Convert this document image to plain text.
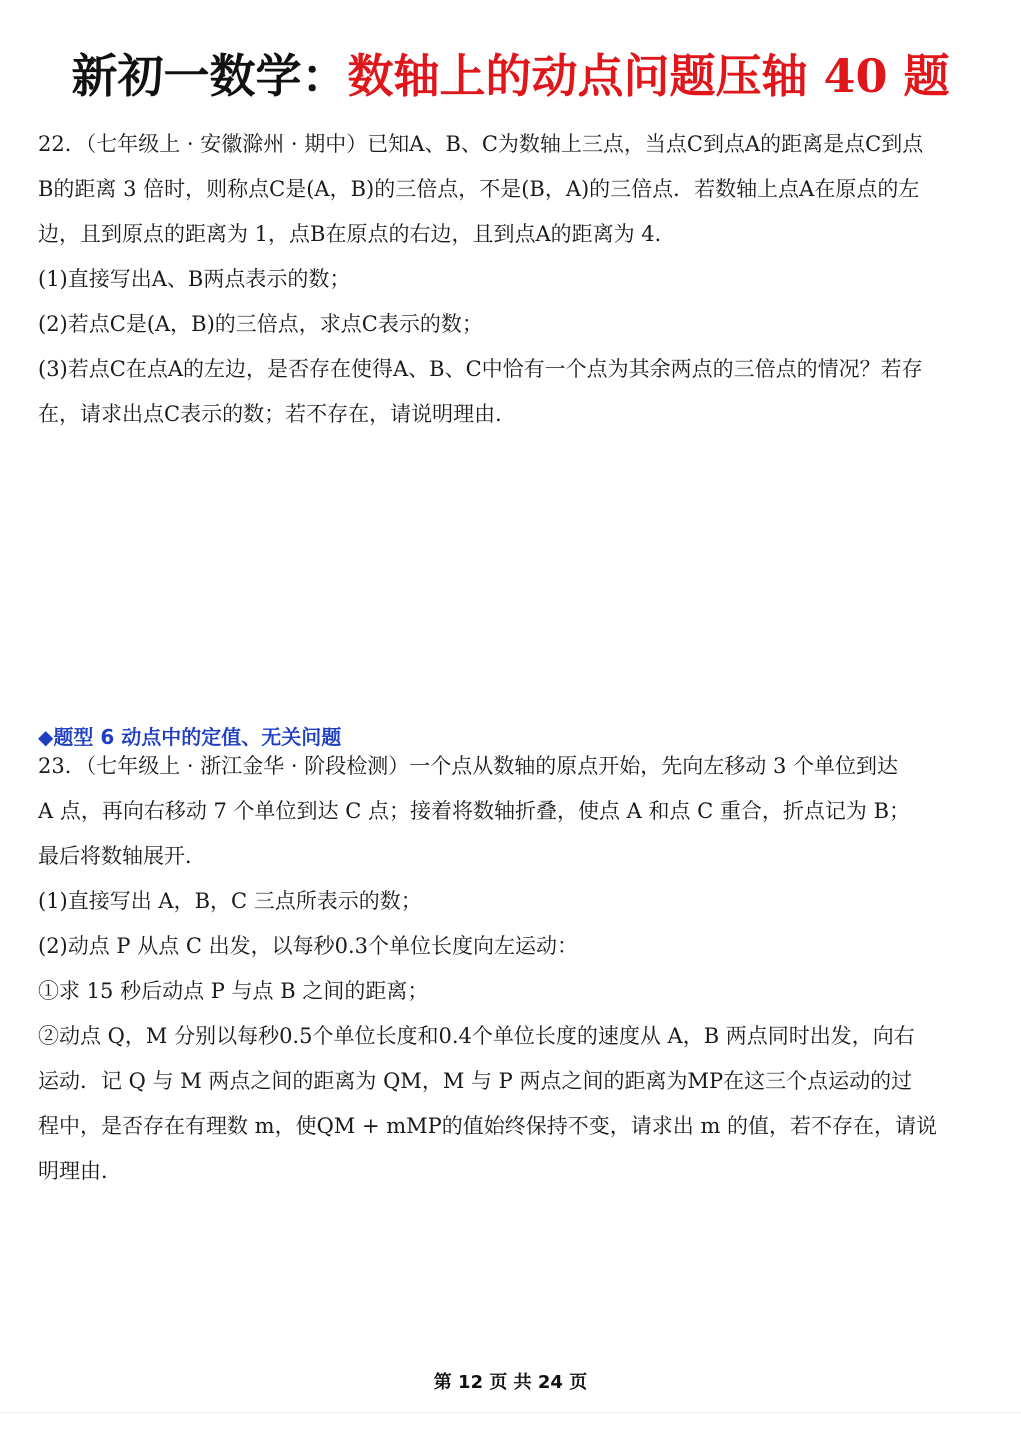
新初一数学：数轴上的动点问题压轴 40 题
22．（七年级上 · 安徽滁州 · 期中）已知A、B、C为数轴上三点，当点C到点A的距离是点C到点
B的距离 3 倍时，则称点C是(A，B)的三倍点，不是(B，A)的三倍点．若数轴上点A在原点的左
边，且到原点的距离为 1，点B在原点的右边，且到点A的距离为 4．
(1)直接写出A、B两点表示的数；
(2)若点C是(A，B)的三倍点，求点C表示的数；
(3)若点C在点A的左边，是否存在使得A、B、C中恰有一个点为其余两点的三倍点的情况？若存
在，请求出点C表示的数；若不存在，请说明理由．
◆题型 6 动点中的定值、无关问题
23．（七年级上 · 浙江金华 · 阶段检测）一个点从数轴的原点开始，先向左移动 3 个单位到达
A 点，再向右移动 7 个单位到达 C 点；接着将数轴折叠，使点 A 和点 C 重合，折点记为 B；
最后将数轴展开．
(1)直接写出 A，B，C 三点所表示的数；
(2)动点 P 从点 C 出发，以每秒0.3个单位长度向左运动：
①求 15 秒后动点 P 与点 B 之间的距离；
②动点 Q，M 分别以每秒0.5个单位长度和0.4个单位长度的速度从 A，B 两点同时出发，向右
运动．记 Q 与 M 两点之间的距离为 QM，M 与 P 两点之间的距离为MP在这三个点运动的过
程中，是否存在有理数 m，使QM + mMP的值始终保持不变，请求出 m 的值，若不存在，请说
明理由．
第 12 页 共 24 页
